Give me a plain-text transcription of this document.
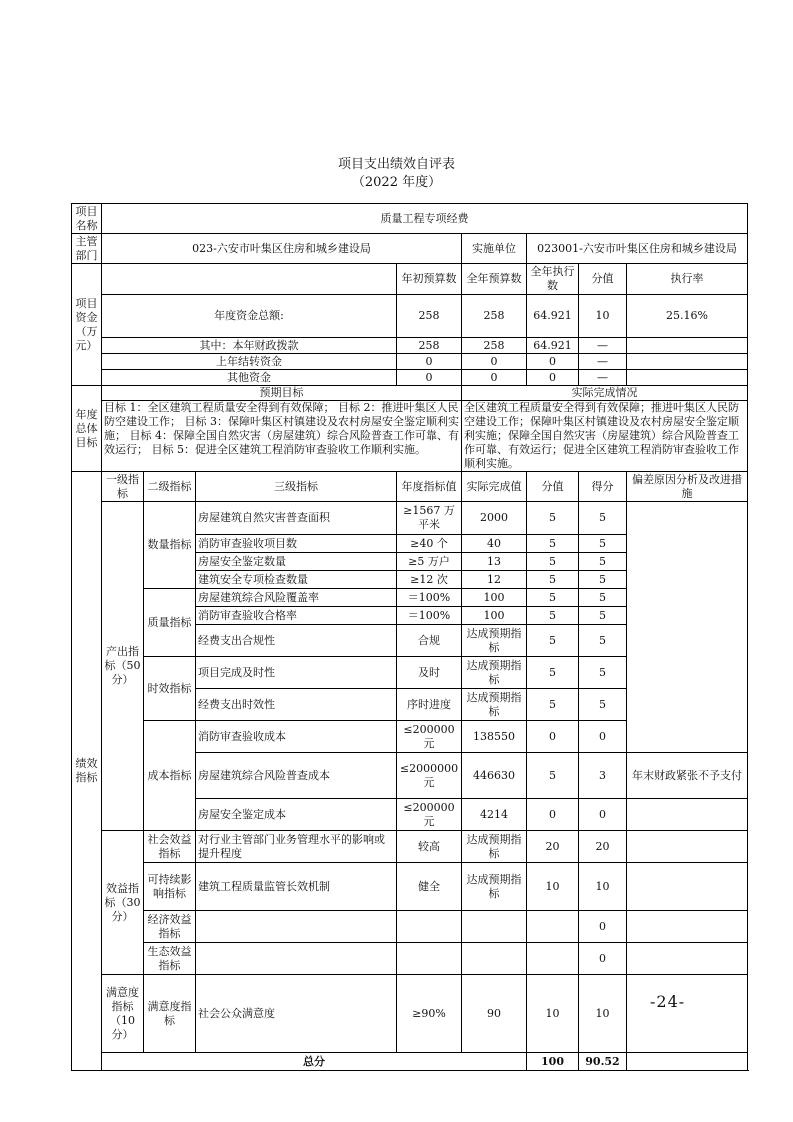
项目支出绩效自评表
（2022 年度）
项目名称	质量工程专项经费								
主管部门	023-六安市叶集区住房和城乡建设局				实施单位	023001-六安市叶集区住房和城乡建设局			
项目资金（万元）				年初预算数	全年预算数	全年执行数	分值	执行率	
	年度资金总额:			258	258	64.921	10	25.16%	
	其中：本年财政拨款			258	258	64.921	—		
	上年结转资金			0	0	0	—		
	其他资金			0	0	0	—		
年度总体目标	预期目标				实际完成情况				
	目标 1：全区建筑工程质量安全得到有效保障； 目标 2：推进叶集区人民防空建设工作； 目标 3：保障叶集区村镇建设及农村房屋安全鉴定顺利实施； 目标 4：保障全国自然灾害（房屋建筑）综合风险普查工作可靠、有效运行； 目标 5：促进全区建筑工程消防审查验收工作顺利实施。				全区建筑工程质量安全得到有效保障；推进叶集区人民防空建设工作；保障叶集区村镇建设及农村房屋安全鉴定顺利实施；保障全国自然灾害（房屋建筑）综合风险普查工作可靠、有效运行；促进全区建筑工程消防审查验收工作顺利实施。				
绩效指标	一级指标	二级指标	三级指标	年度指标值	实际完成值	分值	得分	偏差原因分析及改进措施	
	产出指标（50分）	数量指标	房屋建筑自然灾害普查面积	≥1567 万平米	2000	5	5		
			消防审查验收项目数	≥40 个	40	5	5		
			房屋安全鉴定数量	≥5 万户	13	5	5		
			建筑安全专项检查数量	≥12 次	12	5	5		
		质量指标	房屋建筑综合风险覆盖率	＝100%	100	5	5		
			消防审查验收合格率	＝100%	100	5	5		
			经费支出合规性	合规	达成预期指标	5	5		
		时效指标	项目完成及时性	及时	达成预期指标	5	5		
			经费支出时效性	序时进度	达成预期指标	5	5		
		成本指标	消防审查验收成本	≤200000元	138550	0	0		
			房屋建筑综合风险普查成本	≤2000000元	446630	5	3	年末财政紧张不予支付	
			房屋安全鉴定成本	≤200000元	4214	0	0		
	效益指标（30分）	社会效益指标	对行业主管部门业务管理水平的影响或提升程度	较高	达成预期指标	20	20		
		可持续影响指标	建筑工程质量监管长效机制	健全	达成预期指标	10	10		
		经济效益指标					0		
		生态效益指标					0		
	满意度指标（10分）	满意度指标	社会公众满意度	≥90%	90	10	10		
	总分					100	90.52		
-24-
